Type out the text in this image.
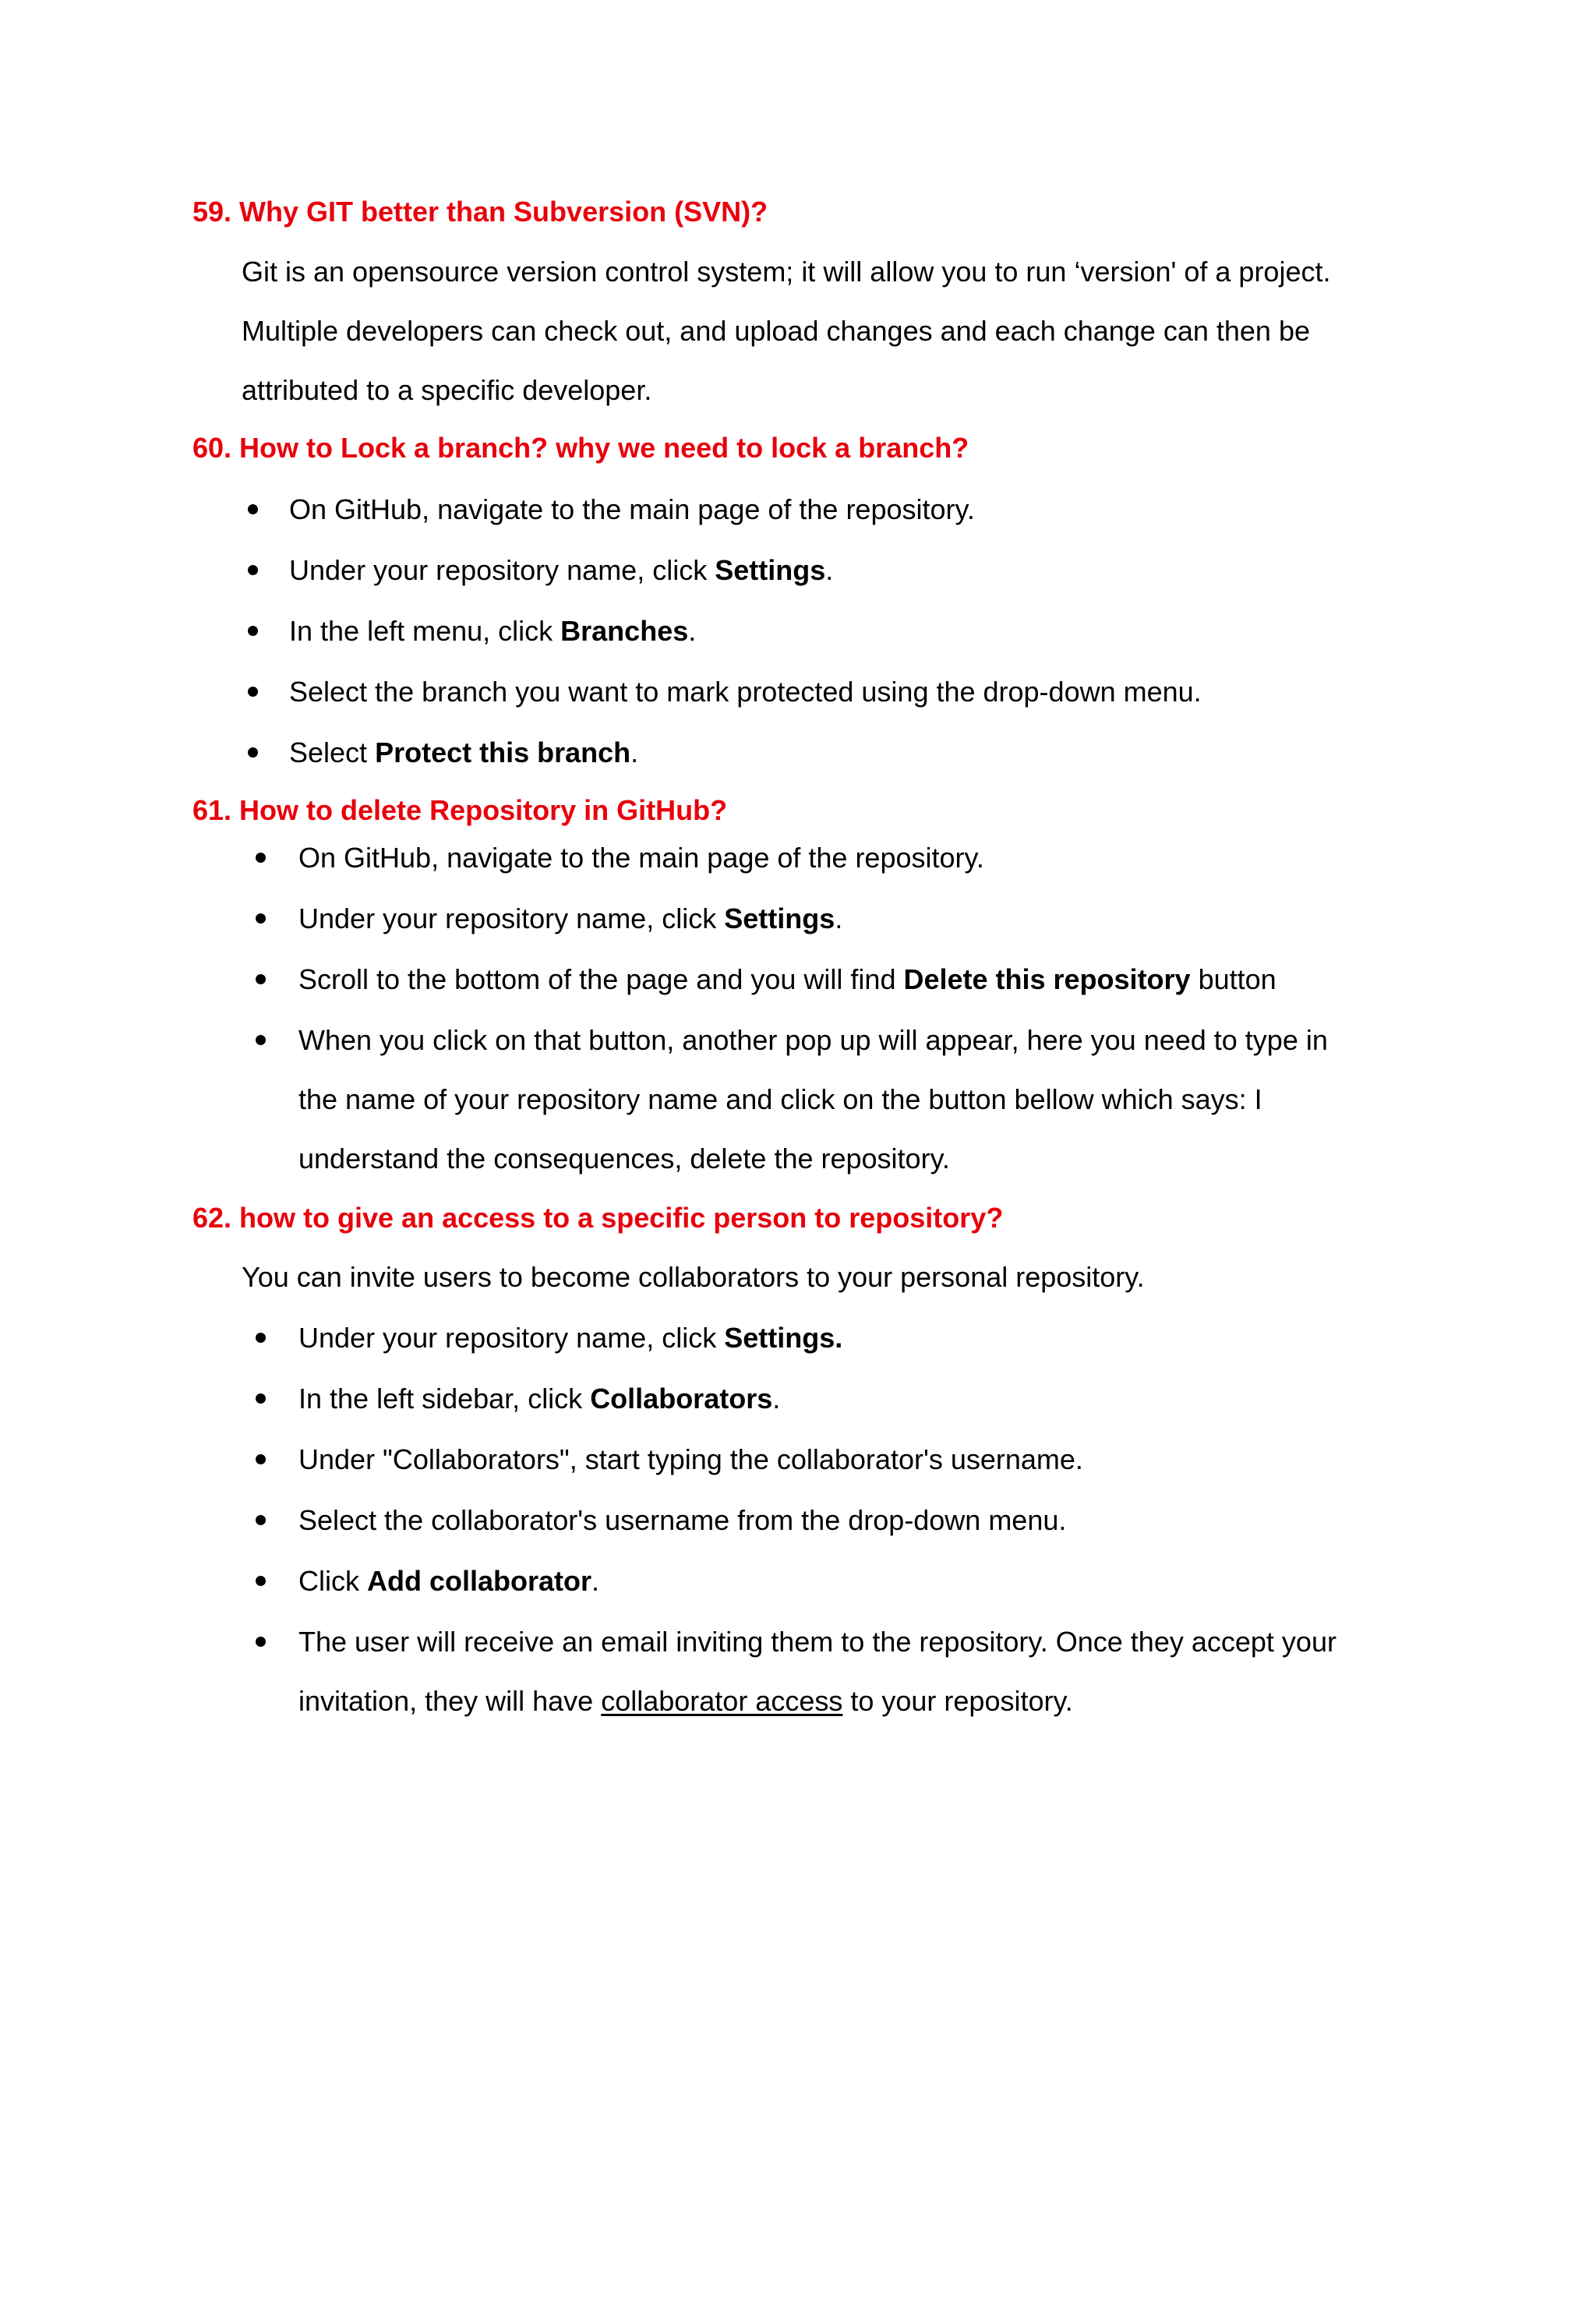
59. Why GIT better than Subversion (SVN)?

Git is an opensource version control system; it will allow you to run ‘version' of a project.

Multiple developers can check out, and upload changes and each change can then be

attributed to a specific developer.

60. How to Lock a branch? why we need to lock a branch?
On GitHub, navigate to the main page of the repository.
Under your repository name, click Settings.
In the left menu, click Branches.
Select the branch you want to mark protected using the drop-down menu.
Select Protect this branch.
61. How to delete Repository in GitHub?
On GitHub, navigate to the main page of the repository.
Under your repository name, click Settings.
Scroll to the bottom of the page and you will find Delete this repository button
When you click on that button, another pop up will appear, here you need to type in
the name of your repository name and click on the button bellow which says: I
understand the consequences, delete the repository.
62. how to give an access to a specific person to repository?

You can invite users to become collaborators to your personal repository.

Under your repository name, click Settings.
In the left sidebar, click Collaborators.
Under "Collaborators", start typing the collaborator's username.
Select the collaborator's username from the drop-down menu.
Click Add collaborator.
The user will receive an email inviting them to the repository. Once they accept your
invitation, they will have collaborator access to your repository.
